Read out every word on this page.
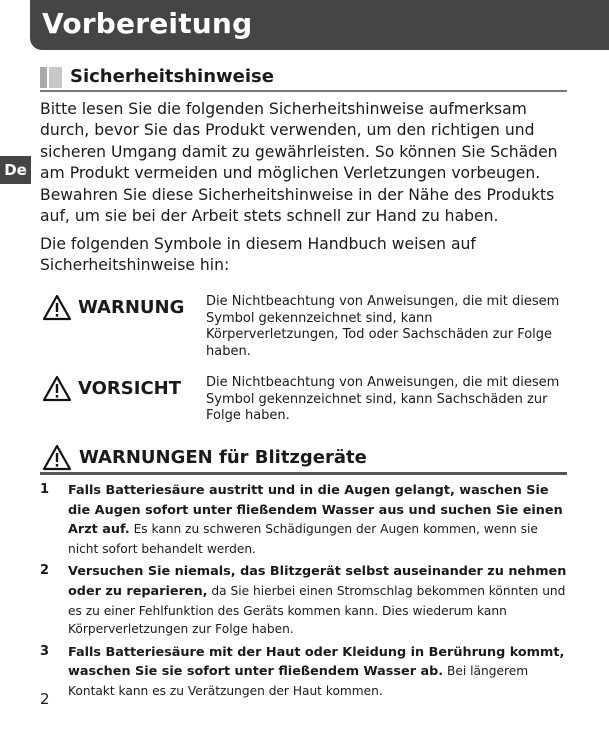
Vorbereitung
De
Sicherheitshinweise

Bitte lesen Sie die folgenden Sicherheitshinweise aufmerksam durch, bevor Sie das Produkt verwenden, um den richtigen und sicheren Umgang damit zu gewährleisten. So können Sie Schäden am Produkt vermeiden und möglichen Verletzungen vorbeugen. Bewahren Sie diese Sicherheitshinweise in der Nähe des Produkts auf, um sie bei der Arbeit stets schnell zur Hand zu haben.

Die folgenden Symbole in diesem Handbuch weisen auf Sicherheitshinweise hin:

WARNUNG Die Nichtbeachtung von Anweisungen, die mit diesem Symbol gekennzeichnet sind, kann Körperverletzungen, Tod oder Sachschäden zur Folge haben.
VORSICHT Die Nichtbeachtung von Anweisungen, die mit diesem Symbol gekennzeichnet sind, kann Sachschäden zur Folge haben.
WARNUNGEN für Blitzgeräte
1 Falls Batteriesäure austritt und in die Augen gelangt, waschen Sie die Augen sofort unter fließendem Wasser aus und suchen Sie einen Arzt auf. Es kann zu schweren Schädigungen der Augen kommen, wenn sie nicht sofort behandelt werden.
2 Versuchen Sie niemals, das Blitzgerät selbst auseinander zu nehmen oder zu reparieren, da Sie hierbei einen Stromschlag bekommen könnten und es zu einer Fehlfunktion des Geräts kommen kann. Dies wiederum kann Körperverletzungen zur Folge haben.
3 Falls Batteriesäure mit der Haut oder Kleidung in Berührung kommt, waschen Sie sie sofort unter fließendem Wasser ab. Bei längerem Kontakt kann es zu Verätzungen der Haut kommen.
2
